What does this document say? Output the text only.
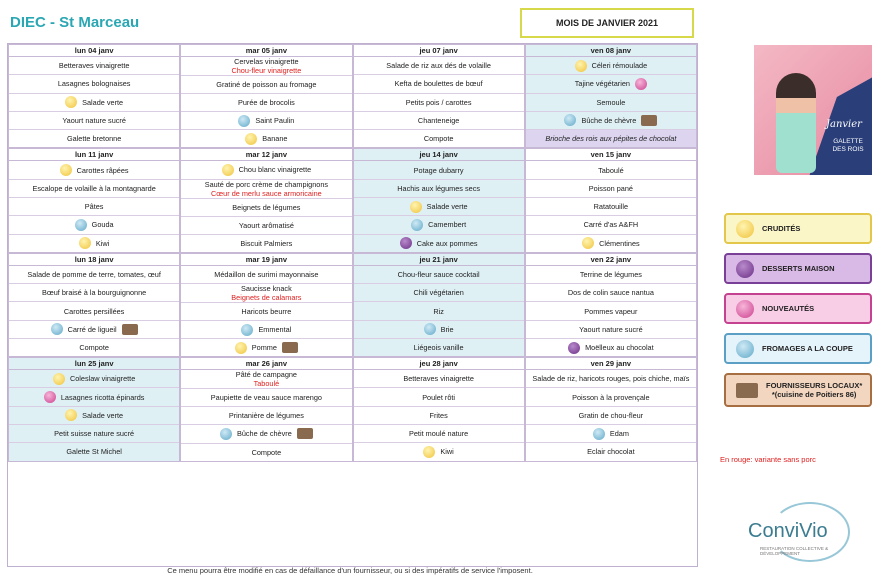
DIEC - St Marceau	MOIS DE JANVIER 2021
lun 04 janv
Betteraves vinaigrette
Lasagnes bolognaises
Salade verte
Yaourt nature sucré
Galette bretonne
mar 05 janv
Cervelas vinaigrette
Chou-fleur vinaigrette
Gratiné de poisson au fromage
Purée de brocolis
Saint Paulin
Banane
jeu 07 janv
Salade de riz aux dés de volaille
Kefta de boulettes de bœuf
Petits pois / carottes
Chanteneige
Compote
ven 08 janv
Céleri rémoulade
Tajine végétarien
Semoule
Bûche de chèvre
Brioche des rois aux pépites de chocolat
lun 11 janv
Carottes râpées
Escalope de volaille à la montagnarde
Pâtes
Gouda
Kiwi
mar 12 janv
Chou blanc vinaigrette
Sauté de porc crème de champignons
Cœur de merlu sauce armoricaine
Beignets de légumes
Yaourt arômatisé
Biscuit Palmiers
jeu 14 janv
Potage dubarry
Hachis aux légumes secs
Salade verte
Camembert
Cake aux pommes
ven 15 janv
Taboulé
Poisson pané
Ratatouille
Carré d'as A&FH
Clémentines
lun 18 janv
Salade de pomme de terre, tomates, œuf
Bœuf braisé à la bourguignonne
Carottes persillées
Carré de ligueil
Compote
mar 19 janv
Médaillon de surimi mayonnaise
Saucisse knack
Beignets de calamars
Haricots beurre
Emmental
Pomme
jeu 21 janv
Chou-fleur sauce cocktail
Chili végétarien
Riz
Brie
Liégeois vanille
ven 22 janv
Terrine de légumes
Dos de colin sauce nantua
Pommes vapeur
Yaourt nature sucré
Moëlleux au chocolat
lun 25 janv
Coleslaw vinaigrette
Lasagnes ricotta épinards
Salade verte
Petit suisse nature sucré
Galette St Michel
mar 26 janv
Pâté de campagne
Taboulé
Paupiette de veau sauce marengo
Printanière de légumes
Bûche de chèvre
Compote
jeu 28 janv
Betteraves vinaigrette
Poulet rôti
Frites
Petit moulé nature
Kiwi
ven 29 janv
Salade de riz, haricots rouges, pois chiche, maïs
Poisson à la provençale
Gratin de chou-fleur
Edam
Eclair chocolat
Janvier
GALETTE DES ROIS
CRUDITÉS
DESSERTS MAISON
NOUVEAUTÉS
FROMAGES A LA COUPE
FOURNISSEURS LOCAUX*
*(cuisine de Poitiers 86)
En rouge: variante sans porc
ConviVio
RESTAURATION COLLECTIVE & DÉVELOPPEMENT
Ce menu pourra être modifié en cas de défaillance d'un fournisseur, ou si des impératifs de service l'imposent.
